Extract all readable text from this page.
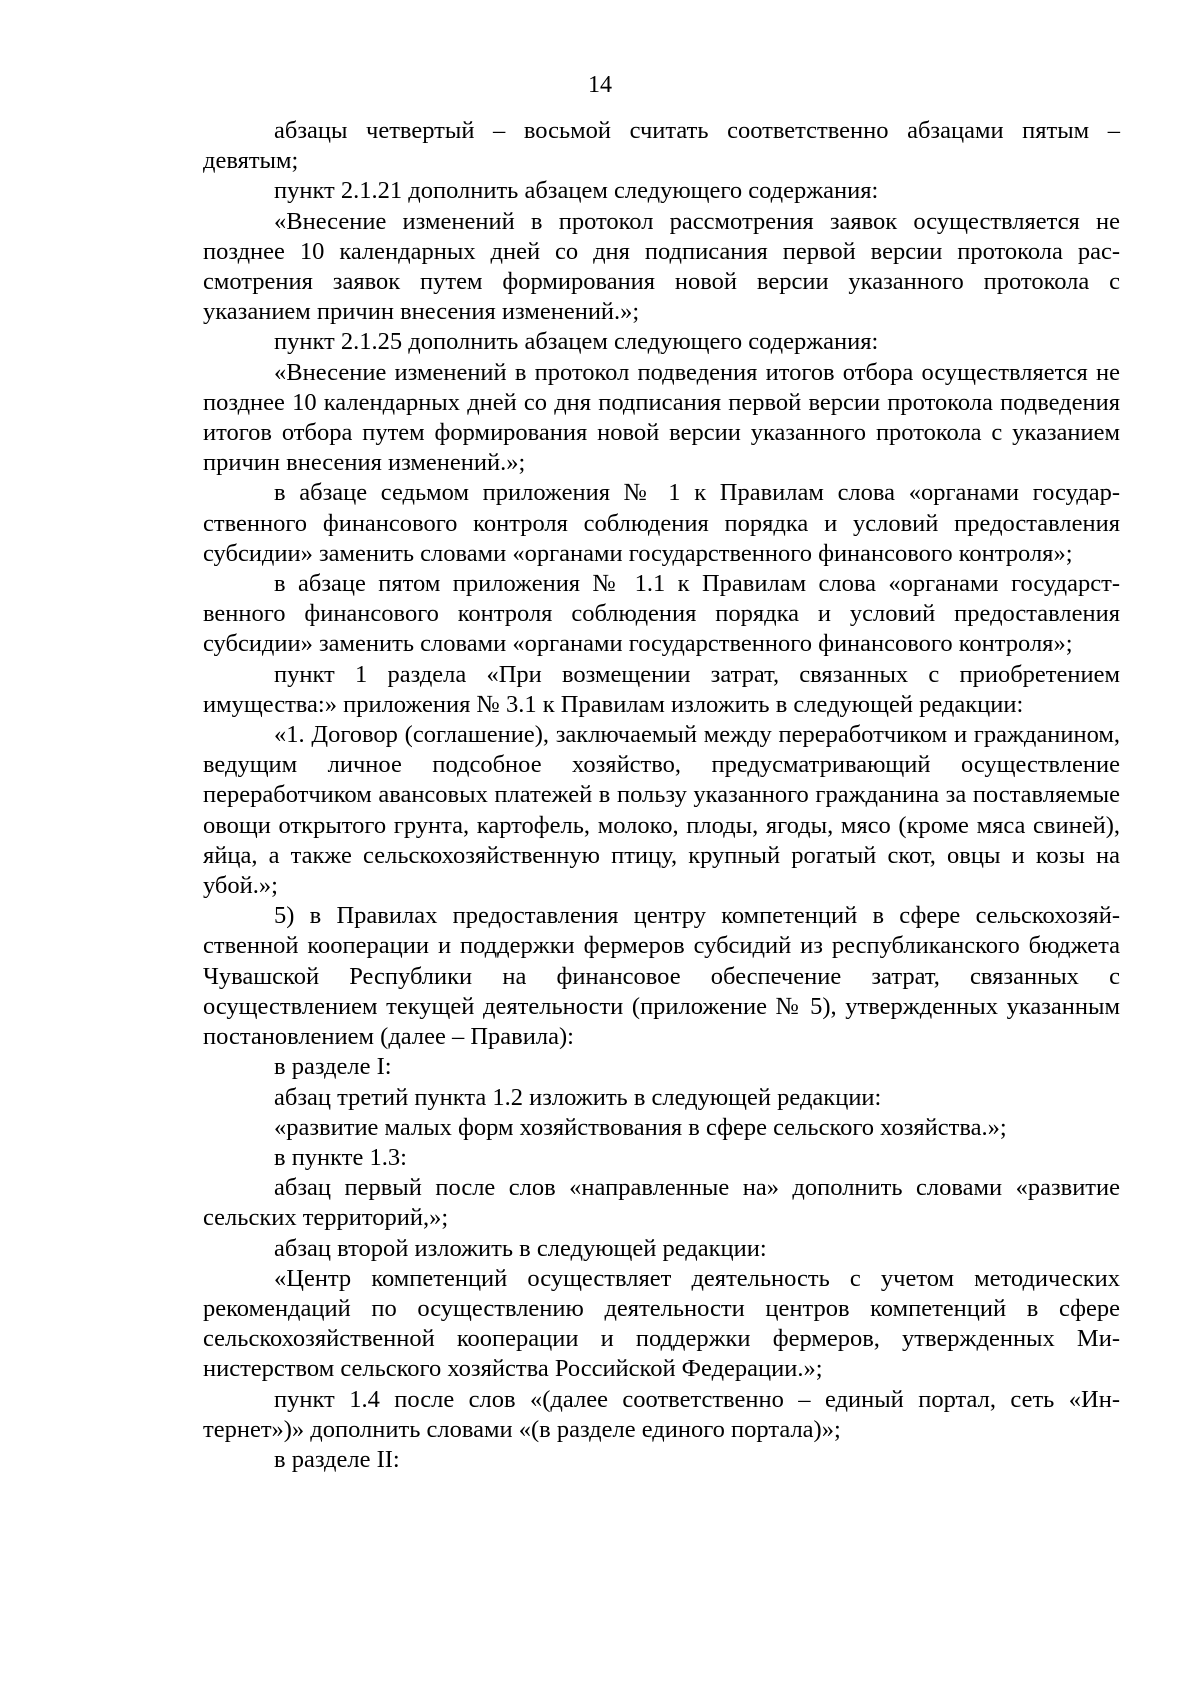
14

абзацы четвертый – восьмой считать соответственно абзацами пятым – девятым;

пункт 2.1.21 дополнить абзацем следующего содержания:

«Внесение изменений в протокол рассмотрения заявок осуществляется не позднее 10 календарных дней со дня подписания первой версии протокола рассмотрения заявок путем формирования новой версии указанного протокола с указанием причин внесения изменений.»;

пункт 2.1.25 дополнить абзацем следующего содержания:

«Внесение изменений в протокол подведения итогов отбора осуществляется не позднее 10 календарных дней со дня подписания первой версии протокола подведения итогов отбора путем формирования новой версии указанного протокола с указанием причин внесения изменений.»;

в абзаце седьмом приложения № 1 к Правилам слова «органами государственного финансового контроля соблюдения порядка и условий предоставления субсидии» заменить словами «органами государственного финансового контроля»;

в абзаце пятом приложения № 1.1 к Правилам слова «органами государственного финансового контроля соблюдения порядка и условий предоставления субсидии» заменить словами «органами государственного финансового контроля»;

пункт 1 раздела «При возмещении затрат, связанных с приобретением имущества:» приложения № 3.1 к Правилам изложить в следующей редакции:

«1. Договор (соглашение), заключаемый между переработчиком и гражданином, ведущим личное подсобное хозяйство, предусматривающий осуществление переработчиком авансовых платежей в пользу указанного гражданина за поставляемые овощи открытого грунта, картофель, молоко, плоды, ягоды, мясо (кроме мяса свиней), яйца, а также сельскохозяйственную птицу, крупный рогатый скот, овцы и козы на убой.»;

5) в Правилах предоставления центру компетенций в сфере сельскохозяйственной кооперации и поддержки фермеров субсидий из республиканского бюджета Чувашской Республики на финансовое обеспечение затрат, связанных с осуществлением текущей деятельности (приложение № 5), утвержденных указанным постановлением (далее – Правила):

в разделе I:

абзац третий пункта 1.2 изложить в следующей редакции:

«развитие малых форм хозяйствования в сфере сельского хозяйства.»;

в пункте 1.3:

абзац первый после слов «направленные на» дополнить словами «развитие сельских территорий,»;

абзац второй изложить в следующей редакции:

«Центр компетенций осуществляет деятельность с учетом методических рекомендаций по осуществлению деятельности центров компетенций в сфере сельскохозяйственной кооперации и поддержки фермеров, утвержденных Министерством сельского хозяйства Российской Федерации.»;

пункт 1.4 после слов «(далее соответственно – единый портал, сеть «Интернет»)» дополнить словами «(в разделе единого портала)»;

в разделе II:
